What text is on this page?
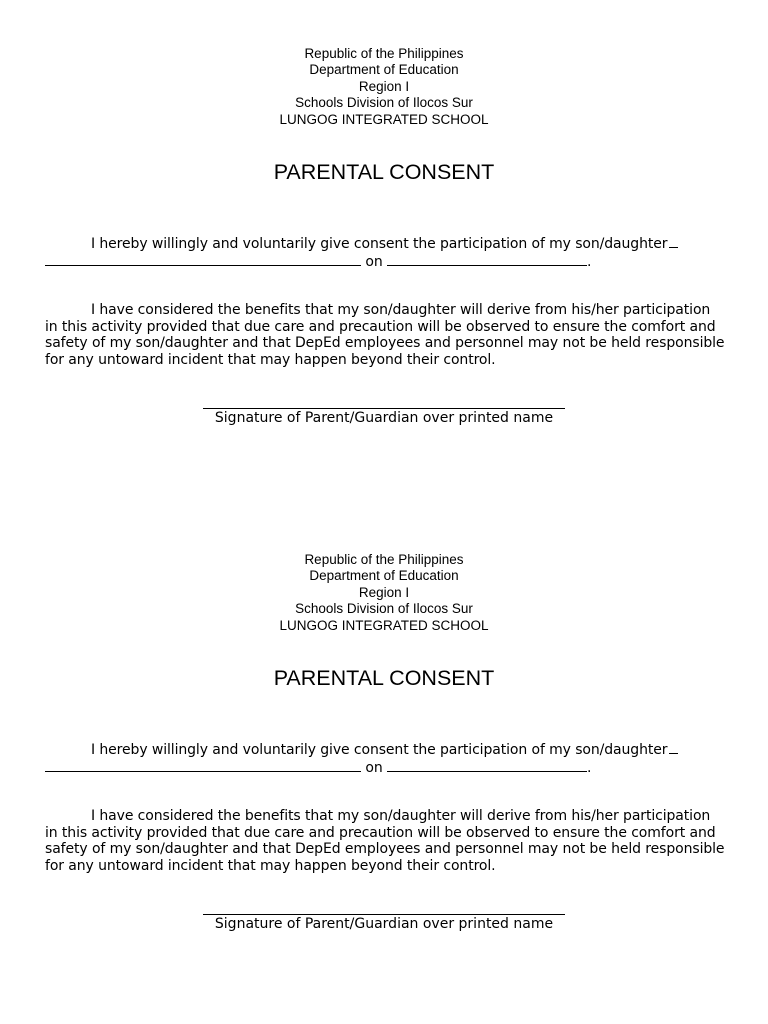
Republic of the Philippines
Department of Education
Region I
Schools Division of Ilocos Sur
LUNGOG INTEGRATED SCHOOL
PARENTAL CONSENT
I hereby willingly and voluntarily give consent the participation of my son/daughter
on	.
I have considered the benefits that my son/daughter will derive from his/her participation in this activity provided that due care and precaution will be observed to ensure the comfort and safety of my son/daughter and that DepEd employees and personnel may not be held responsible for any untoward incident that may happen beyond their control.
Signature of Parent/Guardian over printed name
Republic of the Philippines
Department of Education
Region I
Schools Division of Ilocos Sur
LUNGOG INTEGRATED SCHOOL
PARENTAL CONSENT
I hereby willingly and voluntarily give consent the participation of my son/daughter
on	.
I have considered the benefits that my son/daughter will derive from his/her participation in this activity provided that due care and precaution will be observed to ensure the comfort and safety of my son/daughter and that DepEd employees and personnel may not be held responsible for any untoward incident that may happen beyond their control.
Signature of Parent/Guardian over printed name
